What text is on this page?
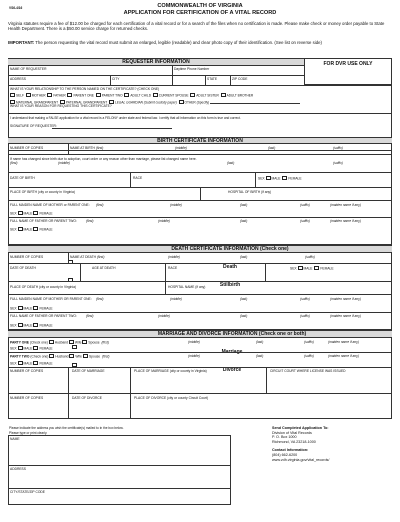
VS6-4/16	COMMONWEALTH OF VIRGINIA
APPLICATION FOR CERTIFICATION OF A VITAL RECORD
Virginia statutes require a fee of $12.00 be charged for each certification of a vital record or for a search of the files when no certification is made. Please make check or money order payable to State Health Department. There is a $50.00 service charge for returned checks.
IMPORTANT: The person requesting the vital record must submit an enlarged, legible (readable) and clear photo copy of their identification. (See list on reverse side)
REQUESTER INFORMATION	FOR DVR USE ONLY
NAME OF REQUESTER	Daytime Phone Number
ADDRESS	CITY	STATE	ZIP CODE
WHAT IS YOUR RELATIONSHIP TO THE PERSON NAMED ON THE CERTIFICATE? (CHECK ONE)
SELF MOTHER FATHER PARENT ONE PARENT TWO ADULT CHILD CURRENT SPOUSE ADULT SISTER ADULT BROTHER
MATERNAL GRANDPARENT PATERNAL GRANDPARENT LEGAL GUARDIAN (Submit custody paper) OTHER (Specify)
WHAT IS YOUR REASON FOR REQUESTING THIS CERTIFICATE?
I understand that making a FALSE application for a vital record is a FELONY under state and federal law. I certify that all information on this form is true and correct.
SIGNATURE OF REQUESTER:
BIRTH CERTIFICATE INFORMATION
NUMBER OF COPIES	NAME AT BIRTH (first)	(middle)	(last)	(suffix)
If name has changed since birth due to adoption, court order or any reason other than marriage, please list changed name here.
(first)	(middle)	(last)	(suffix)
DATE OF BIRTH	RACE	SEX MALE FEMALE
PLACE OF BIRTH (city or county in Virginia)	HOSPITAL OF BIRTH (if any)
FULL MAIDEN NAME OF MOTHER or PARENT ONE: (first)	(middle)	(last)	(suffix)	(maiden name if any)
SEX MALE FEMALE
FULL NAME OF FATHER OR PARENT TWO:	(first)	(middle)	(last)	(suffix)	(maiden name if any)
SEX MALE FEMALE
DEATH CERTIFICATE INFORMATION (Check one)

Death

Stillbirth
NUMBER OF COPIES	NAME AT DEATH (first)	(middle)	(last)	(suffix)
DATE OF DEATH	AGE AT DEATH	RACE	SEX MALE FEMALE
PLACE OF DEATH (city or county in Virginia)	HOSPITAL NAME (if any)
FULL MAIDEN NAME OF MOTHER OR PARENT ONE: (first)	(middle)	(last)	(suffix)	(maiden name if any)
SEX MALE FEMALE
FULL NAME OF FATHER OR PARENT TWO:	(first)	(middle)	(last)	(suffix)	(maiden name if any)
SEX MALE FEMALE
MARRIAGE AND DIVORCE INFORMATION (Check one or both)

Marriage

Divorce
PARTY ONE (Check one) Husband Wife Spouse (first)	(middle)	(last)	(suffix)	(maiden name if any)
SEX MALE FEMALE
PARTY TWO (Check one) Husband Wife Spouse (first)	(middle)	(last)	(suffix)	(maiden name if any)
SEX MALE FEMALE
NUMBER OF COPIES	DATE OF MARRIAGE	PLACE OF MARRIAGE (city or county in Virginia)	CIRCUIT COURT WHERE LICENSE WAS ISSUED
NUMBER OF COPIES	DATE OF DIVORCE	PLACE OF DIVORCE (city or county Circuit Court)
Please indicate the address you wish the certificate(s) mailed to in the box below.
Please type or print clearly.
NAME
ADDRESS
CITY/STATE/ZIP CODE
Send Completed Application To:
Division of Vital Records
P. O. Box 1000
Richmond, VA 23218-1000
Contact Information:
(804) 662-6200
www.vdh.virginia.gov/vital_records/
